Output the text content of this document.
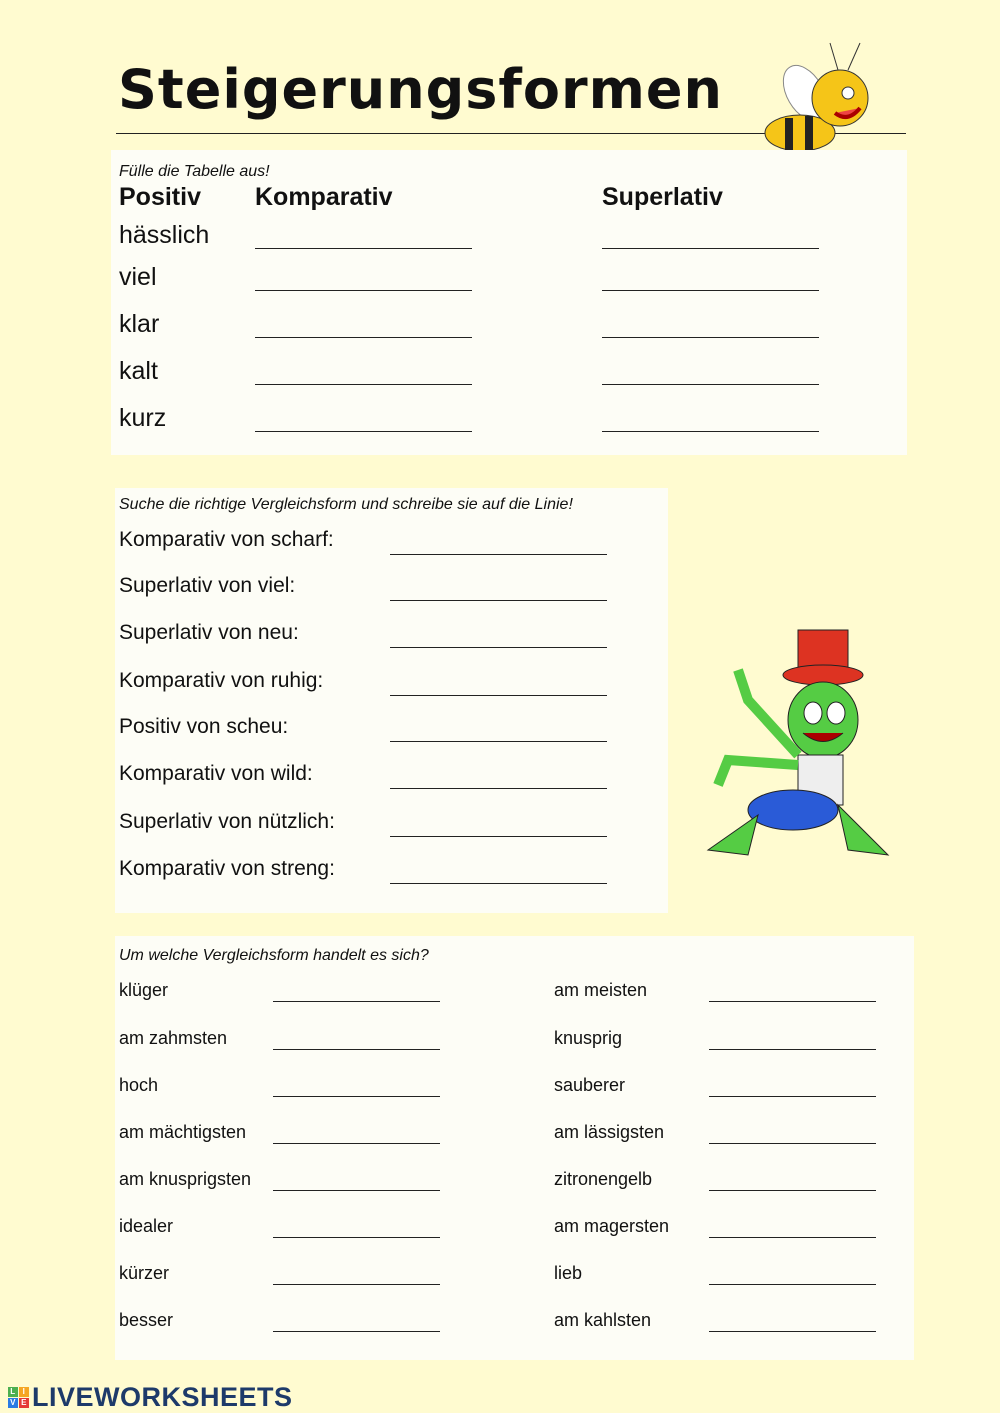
Steigerungsformen
Fülle die Tabelle aus!
Positiv Komparativ	Superlativ
Suche die richtige Vergleichsform und schreibe sie auf die Linie!
Um welche Vergleichsform handelt es sich?
L I
V E LIVEWORKSHEETS
hässlich
viel
klar
kalt
kurz
Komparativ von scharf:
Superlativ von viel:
Superlativ von neu:
Komparativ von ruhig:
Positiv von scheu:
Komparativ von wild:
Superlativ von nützlich:
Komparativ von streng:
klüger
am zahmsten
hoch
am mächtigsten
am knusprigsten
idealer
kürzer
besser
am meisten
knusprig
sauberer
am lässigsten
zitronengelb
am magersten
lieb
am kahlsten
